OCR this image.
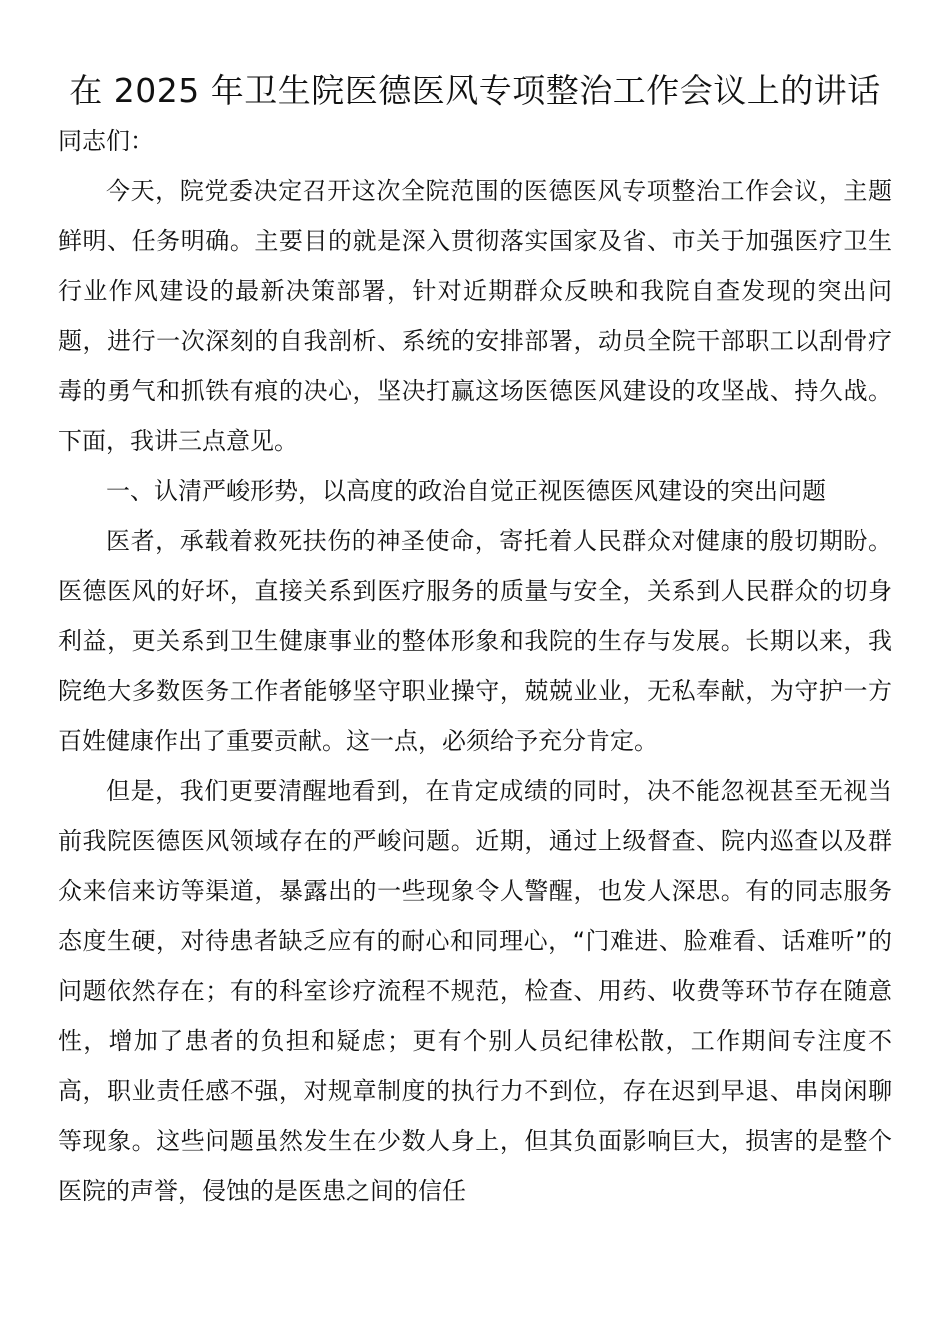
在 2025 年卫生院医德医风专项整治工作会议上的讲话

同志们：

今天，院党委决定召开这次全院范围的医德医风专项整治工作会议，主题鲜明、任务明确。主要目的就是深入贯彻落实国家及省、市关于加强医疗卫生行业作风建设的最新决策部署，针对近期群众反映和我院自查发现的突出问题，进行一次深刻的自我剖析、系统的安排部署，动员全院干部职工以刮骨疗毒的勇气和抓铁有痕的决心，坚决打赢这场医德医风建设的攻坚战、持久战。下面，我讲三点意见。

一、认清严峻形势，以高度的政治自觉正视医德医风建设的突出问题

医者，承载着救死扶伤的神圣使命，寄托着人民群众对健康的殷切期盼。医德医风的好坏，直接关系到医疗服务的质量与安全，关系到人民群众的切身利益，更关系到卫生健康事业的整体形象和我院的生存与发展。长期以来，我院绝大多数医务工作者能够坚守职业操守，兢兢业业，无私奉献，为守护一方百姓健康作出了重要贡献。这一点，必须给予充分肯定。

但是，我们更要清醒地看到，在肯定成绩的同时，决不能忽视甚至无视当前我院医德医风领域存在的严峻问题。近期，通过上级督查、院内巡查以及群众来信来访等渠道，暴露出的一些现象令人警醒，也发人深思。有的同志服务态度生硬，对待患者缺乏应有的耐心和同理心，“门难进、脸难看、话难听”的问题依然存在；有的科室诊疗流程不规范，检查、用药、收费等环节存在随意性，增加了患者的负担和疑虑；更有个别人员纪律松散，工作期间专注度不高，职业责任感不强，对规章制度的执行力不到位，存在迟到早退、串岗闲聊等现象。这些问题虽然发生在少数人身上，但其负面影响巨大，损害的是整个医院的声誉，侵蚀的是医患之间的信任
